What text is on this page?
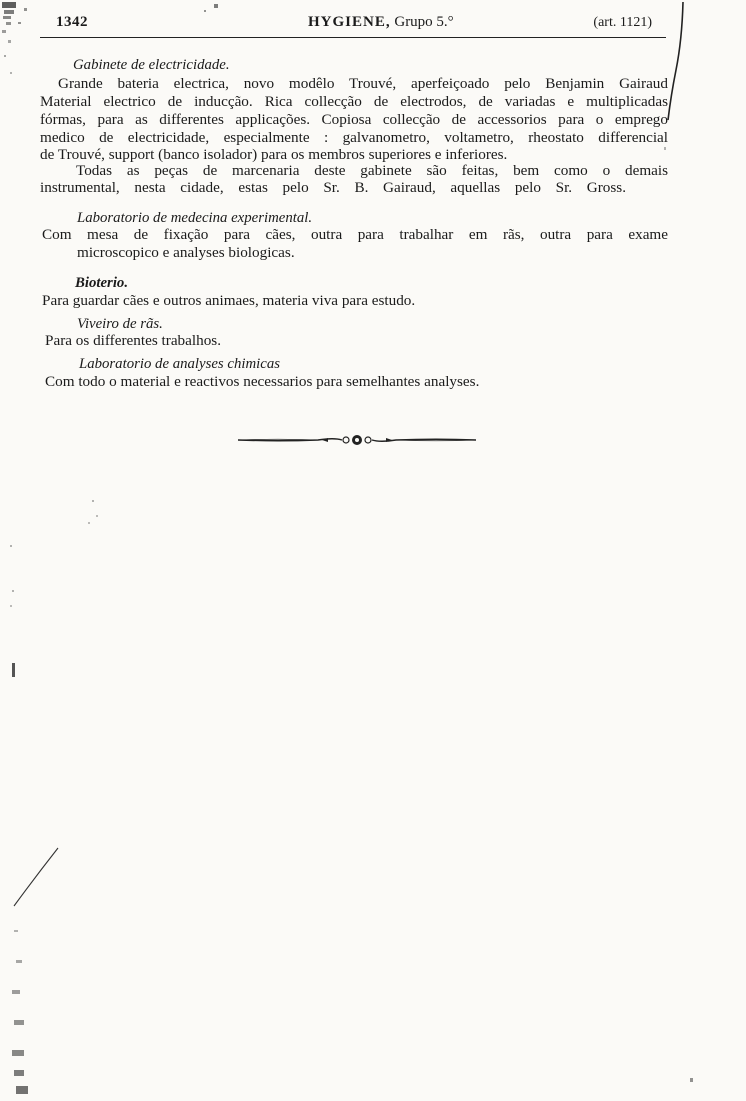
1342	HYGIENE, Grupo 5.°	(art. 1121)
Gabinete de electricidade.
Grande bateria electrica, novo modêlo Trouvé, aperfeiçoado pelo Benjamin Gairaud
Material electrico de inducção. Rica collecção de electrodos, de variadas e multiplicadas
fórmas, para as differentes applicações. Copiosa collecção de accessorios para o emprego
medico de electricidade, especialmente : galvanometro, voltametro, rheostato differencial
de Trouvé, support (banco isolador) para os membros superiores e inferiores.
Todas as peças de marcenaria deste gabinete são feitas, bem como o demais
instrumental, nesta cidade, estas pelo Sr. B. Gairaud, aquellas pelo Sr. Gross.
Laboratorio de medecina experimental.
Com mesa de fixação para cães, outra para trabalhar em rãs, outra para exame
microscopico e analyses biologicas.
Bioterio.
Para guardar cães e outros animaes, materia viva para estudo.
Viveiro de rãs.
Para os differentes trabalhos.
Laboratorio de analyses chimicas
Com todo o material e reactivos necessarios para semelhantes analyses.
